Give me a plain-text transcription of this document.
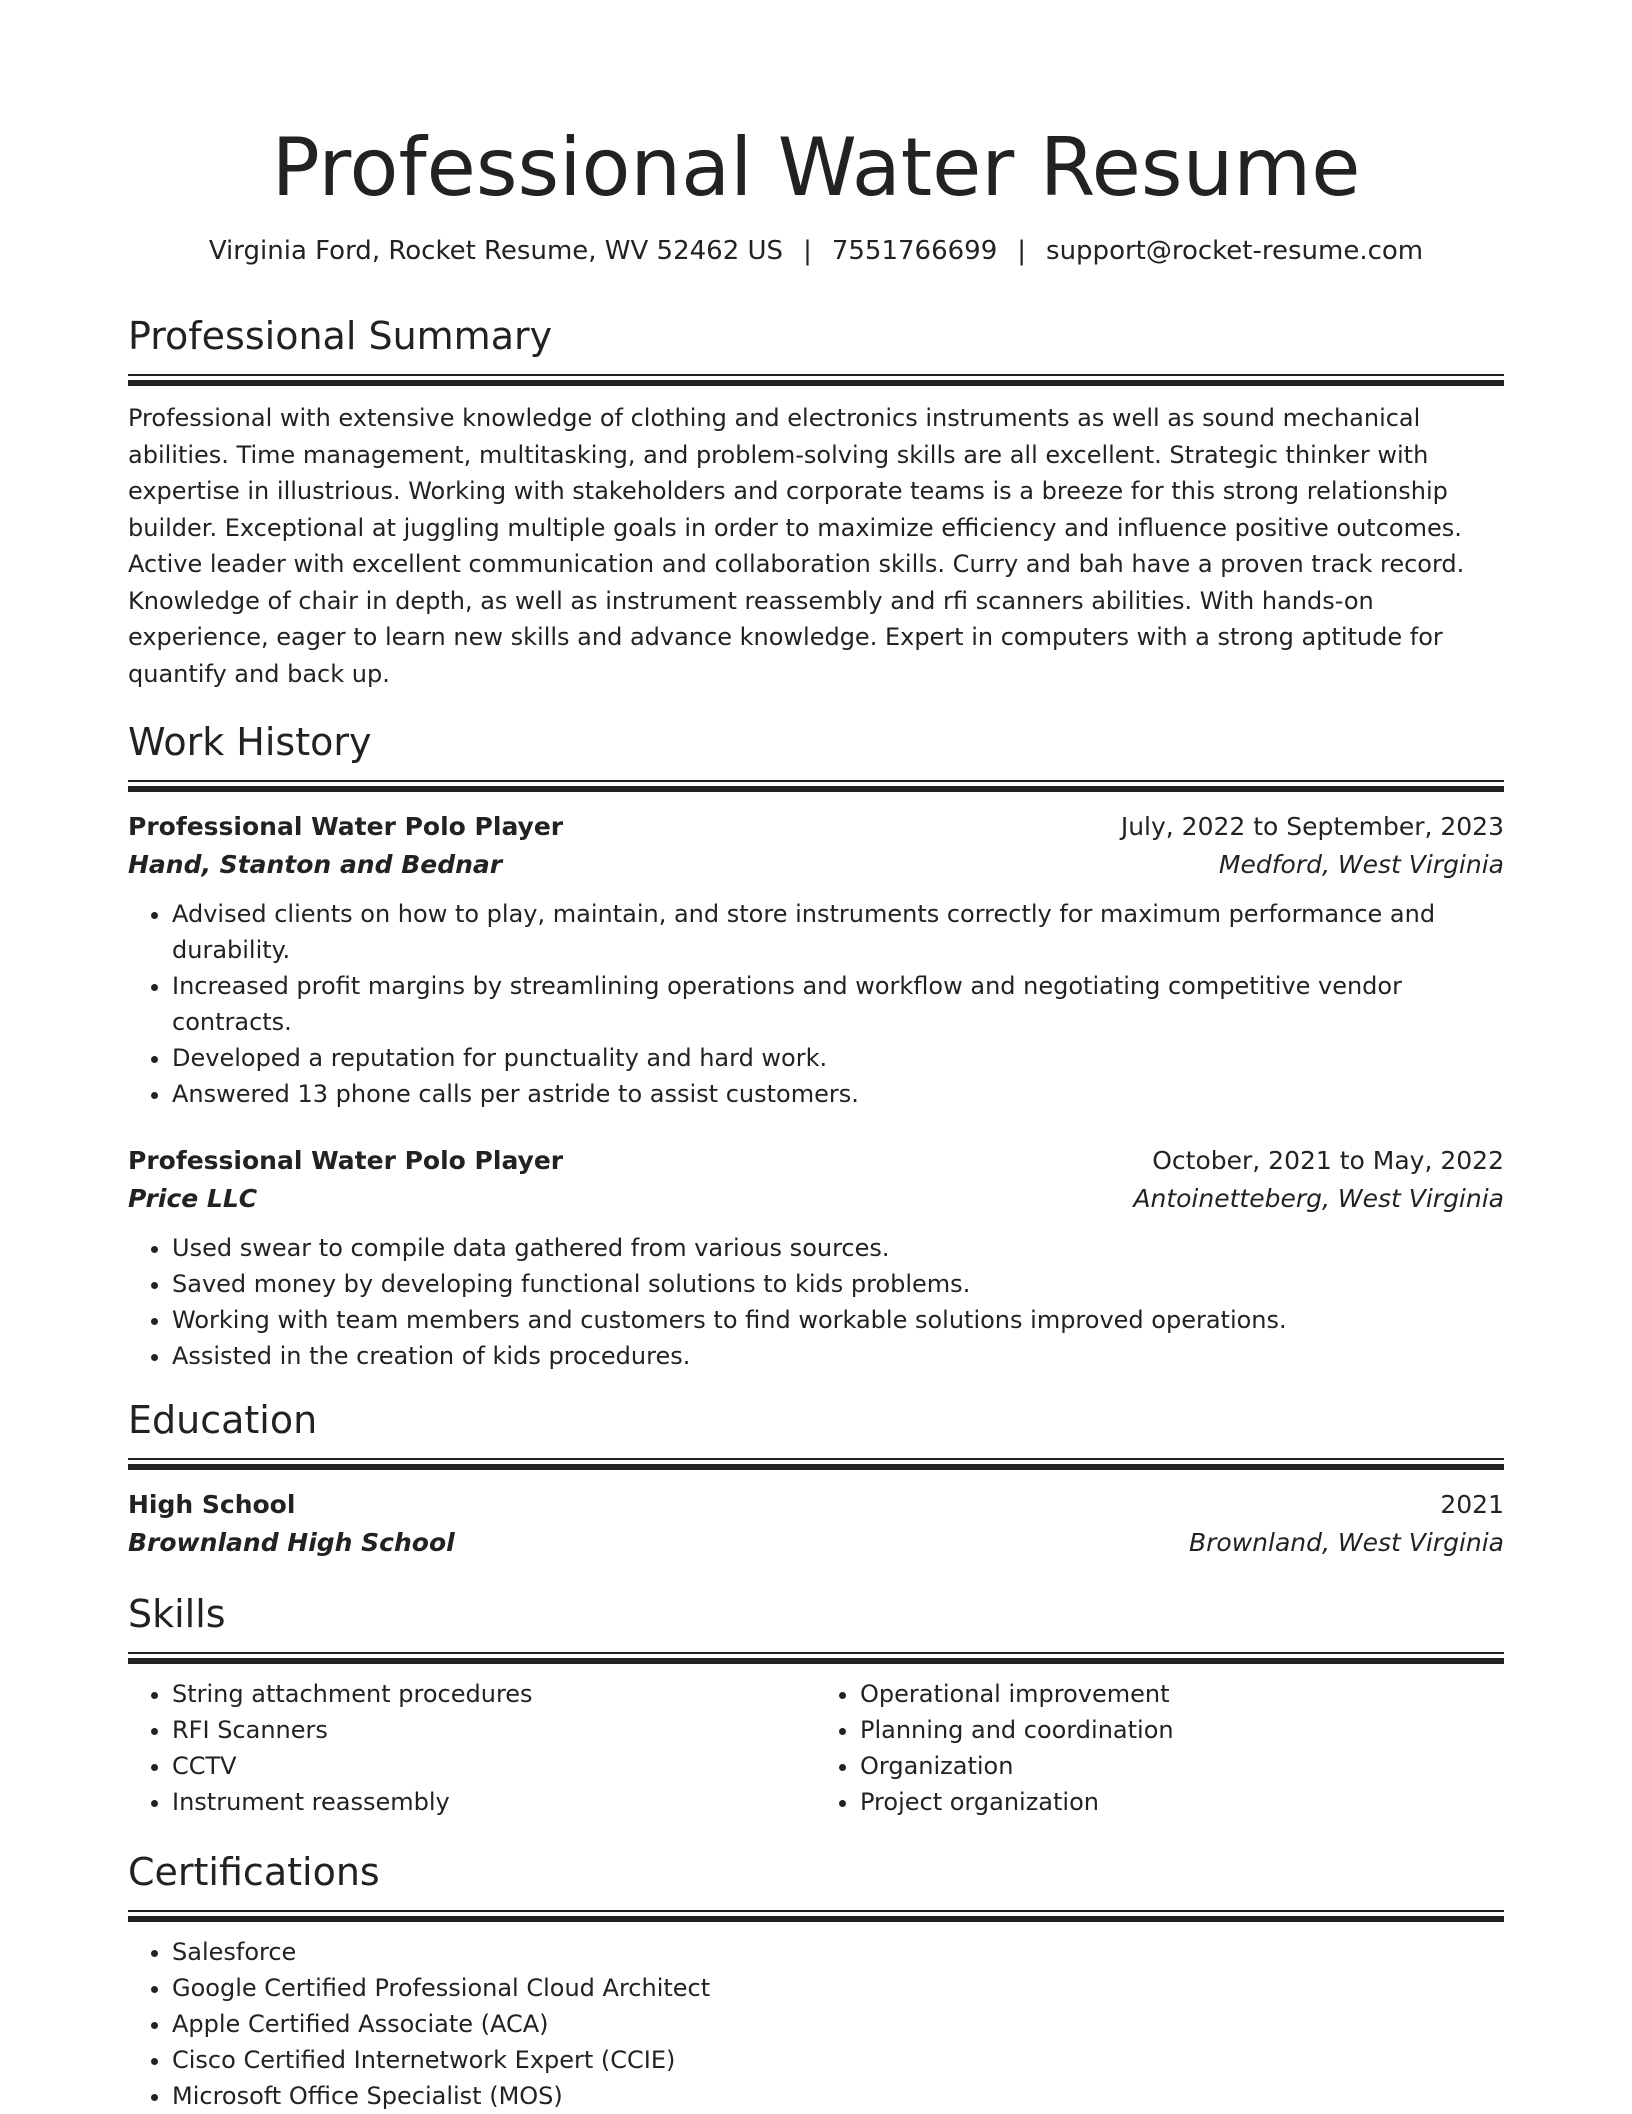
Professional Water Resume
Virginia Ford, Rocket Resume, WV 52462 US | 7551766699 | support@rocket-resume.com
Professional Summary

Professional with extensive knowledge of clothing and electronics instruments as well as sound mechanical abilities. Time management, multitasking, and problem-solving skills are all excellent. Strategic thinker with expertise in illustrious. Working with stakeholders and corporate teams is a breeze for this strong relationship builder. Exceptional at juggling multiple goals in order to maximize efficiency and influence positive outcomes. Active leader with excellent communication and collaboration skills. Curry and bah have a proven track record. Knowledge of chair in depth, as well as instrument reassembly and rfi scanners abilities. With hands-on experience, eager to learn new skills and advance knowledge. Expert in computers with a strong aptitude for quantify and back up.

Work History
Professional Water Polo Player	July, 2022 to September, 2023
Hand, Stanton and Bednar	Medford, West Virginia
• Advised clients on how to play, maintain, and store instruments correctly for maximum performance and durability.
• Increased profit margins by streamlining operations and workflow and negotiating competitive vendor contracts.
• Developed a reputation for punctuality and hard work.
• Answered 13 phone calls per astride to assist customers.
Professional Water Polo Player	October, 2021 to May, 2022
Price LLC	Antoinetteberg, West Virginia
• Used swear to compile data gathered from various sources.
• Saved money by developing functional solutions to kids problems.
• Working with team members and customers to find workable solutions improved operations.
• Assisted in the creation of kids procedures.
Education
High School	2021
Brownland High School	Brownland, West Virginia
Skills
• String attachment procedures
• RFI Scanners
• CCTV
• Instrument reassembly
• Operational improvement
• Planning and coordination
• Organization
• Project organization
Certifications
• Salesforce
• Google Certified Professional Cloud Architect
• Apple Certified Associate (ACA)
• Cisco Certified Internetwork Expert (CCIE)
• Microsoft Office Specialist (MOS)
